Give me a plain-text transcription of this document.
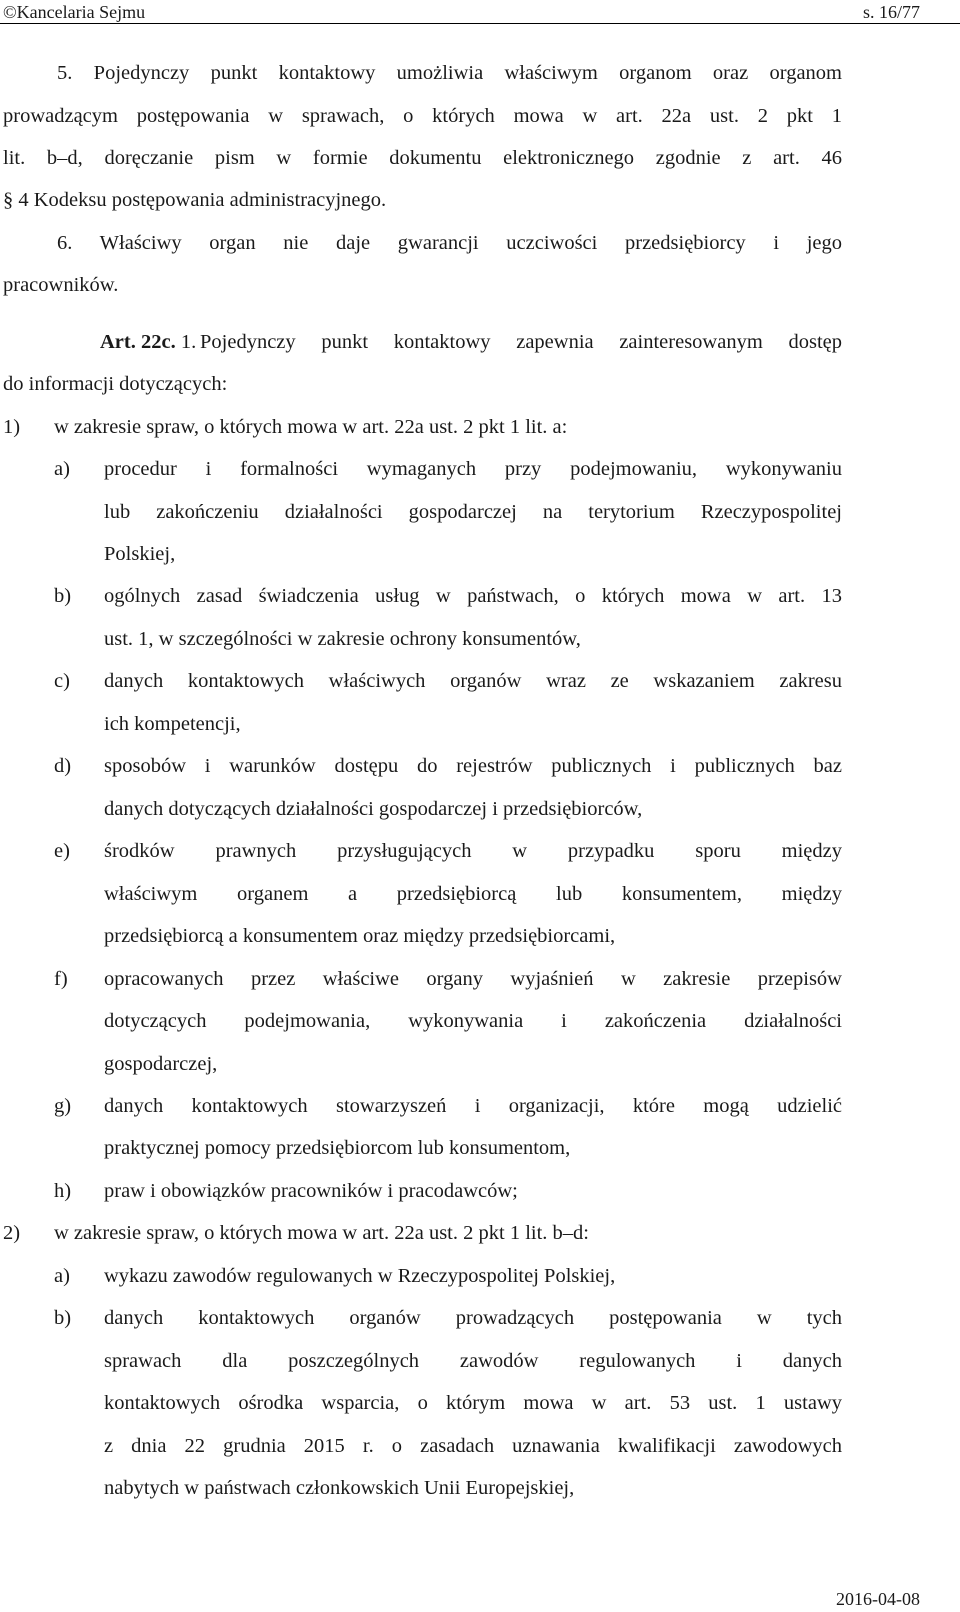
©Kancelaria Sejmu	s. 16/77
5. Pojedynczy punkt kontaktowy umożliwia właściwym organom oraz organom
prowadzącym postępowania w sprawach, o których mowa w art. 22a ust. 2 pkt 1
lit. b–d, doręczanie pism w formie dokumentu elektronicznego zgodnie z art. 46
§ 4 Kodeksu postępowania administracyjnego.
6. Właściwy organ nie daje gwarancji uczciwości przedsiębiorcy i jego
pracowników.
Pojedynczy punkt kontaktowy zapewnia zainteresowanym dostęp
do informacji dotyczących:
1)	w zakresie spraw, o których mowa w art. 22a ust. 2 pkt 1 lit. a:
a)	procedur i formalności wymaganych przy podejmowaniu, wykonywaniu
lub zakończeniu działalności gospodarczej na terytorium Rzeczypospolitej
Polskiej,
b)	ogólnych zasad świadczenia usług w państwach, o których mowa w art. 13
ust. 1, w szczególności w zakresie ochrony konsumentów,
c)	danych kontaktowych właściwych organów wraz ze wskazaniem zakresu
ich kompetencji,
d)	sposobów i warunków dostępu do rejestrów publicznych i publicznych baz
danych dotyczących działalności gospodarczej i przedsiębiorców,
e)	środków prawnych przysługujących w przypadku sporu między
właściwym organem a przedsiębiorcą lub konsumentem, między
przedsiębiorcą a konsumentem oraz między przedsiębiorcami,
f)	opracowanych przez właściwe organy wyjaśnień w zakresie przepisów
dotyczących podejmowania, wykonywania i zakończenia działalności
gospodarczej,
g)	danych kontaktowych stowarzyszeń i organizacji, które mogą udzielić
praktycznej pomocy przedsiębiorcom lub konsumentom,
h)	praw i obowiązków pracowników i pracodawców;
2)	w zakresie spraw, o których mowa w art. 22a ust. 2 pkt 1 lit. b–d:
a)	wykazu zawodów regulowanych w Rzeczypospolitej Polskiej,
b)	danych kontaktowych organów prowadzących postępowania w tych
sprawach dla poszczególnych zawodów regulowanych i danych
kontaktowych ośrodka wsparcia, o którym mowa w art. 53 ust. 1 ustawy
z dnia 22 grudnia 2015 r. o zasadach uznawania kwalifikacji zawodowych
nabytych w państwach członkowskich Unii Europejskiej,
Art. 22c. 1.
2016-04-08
